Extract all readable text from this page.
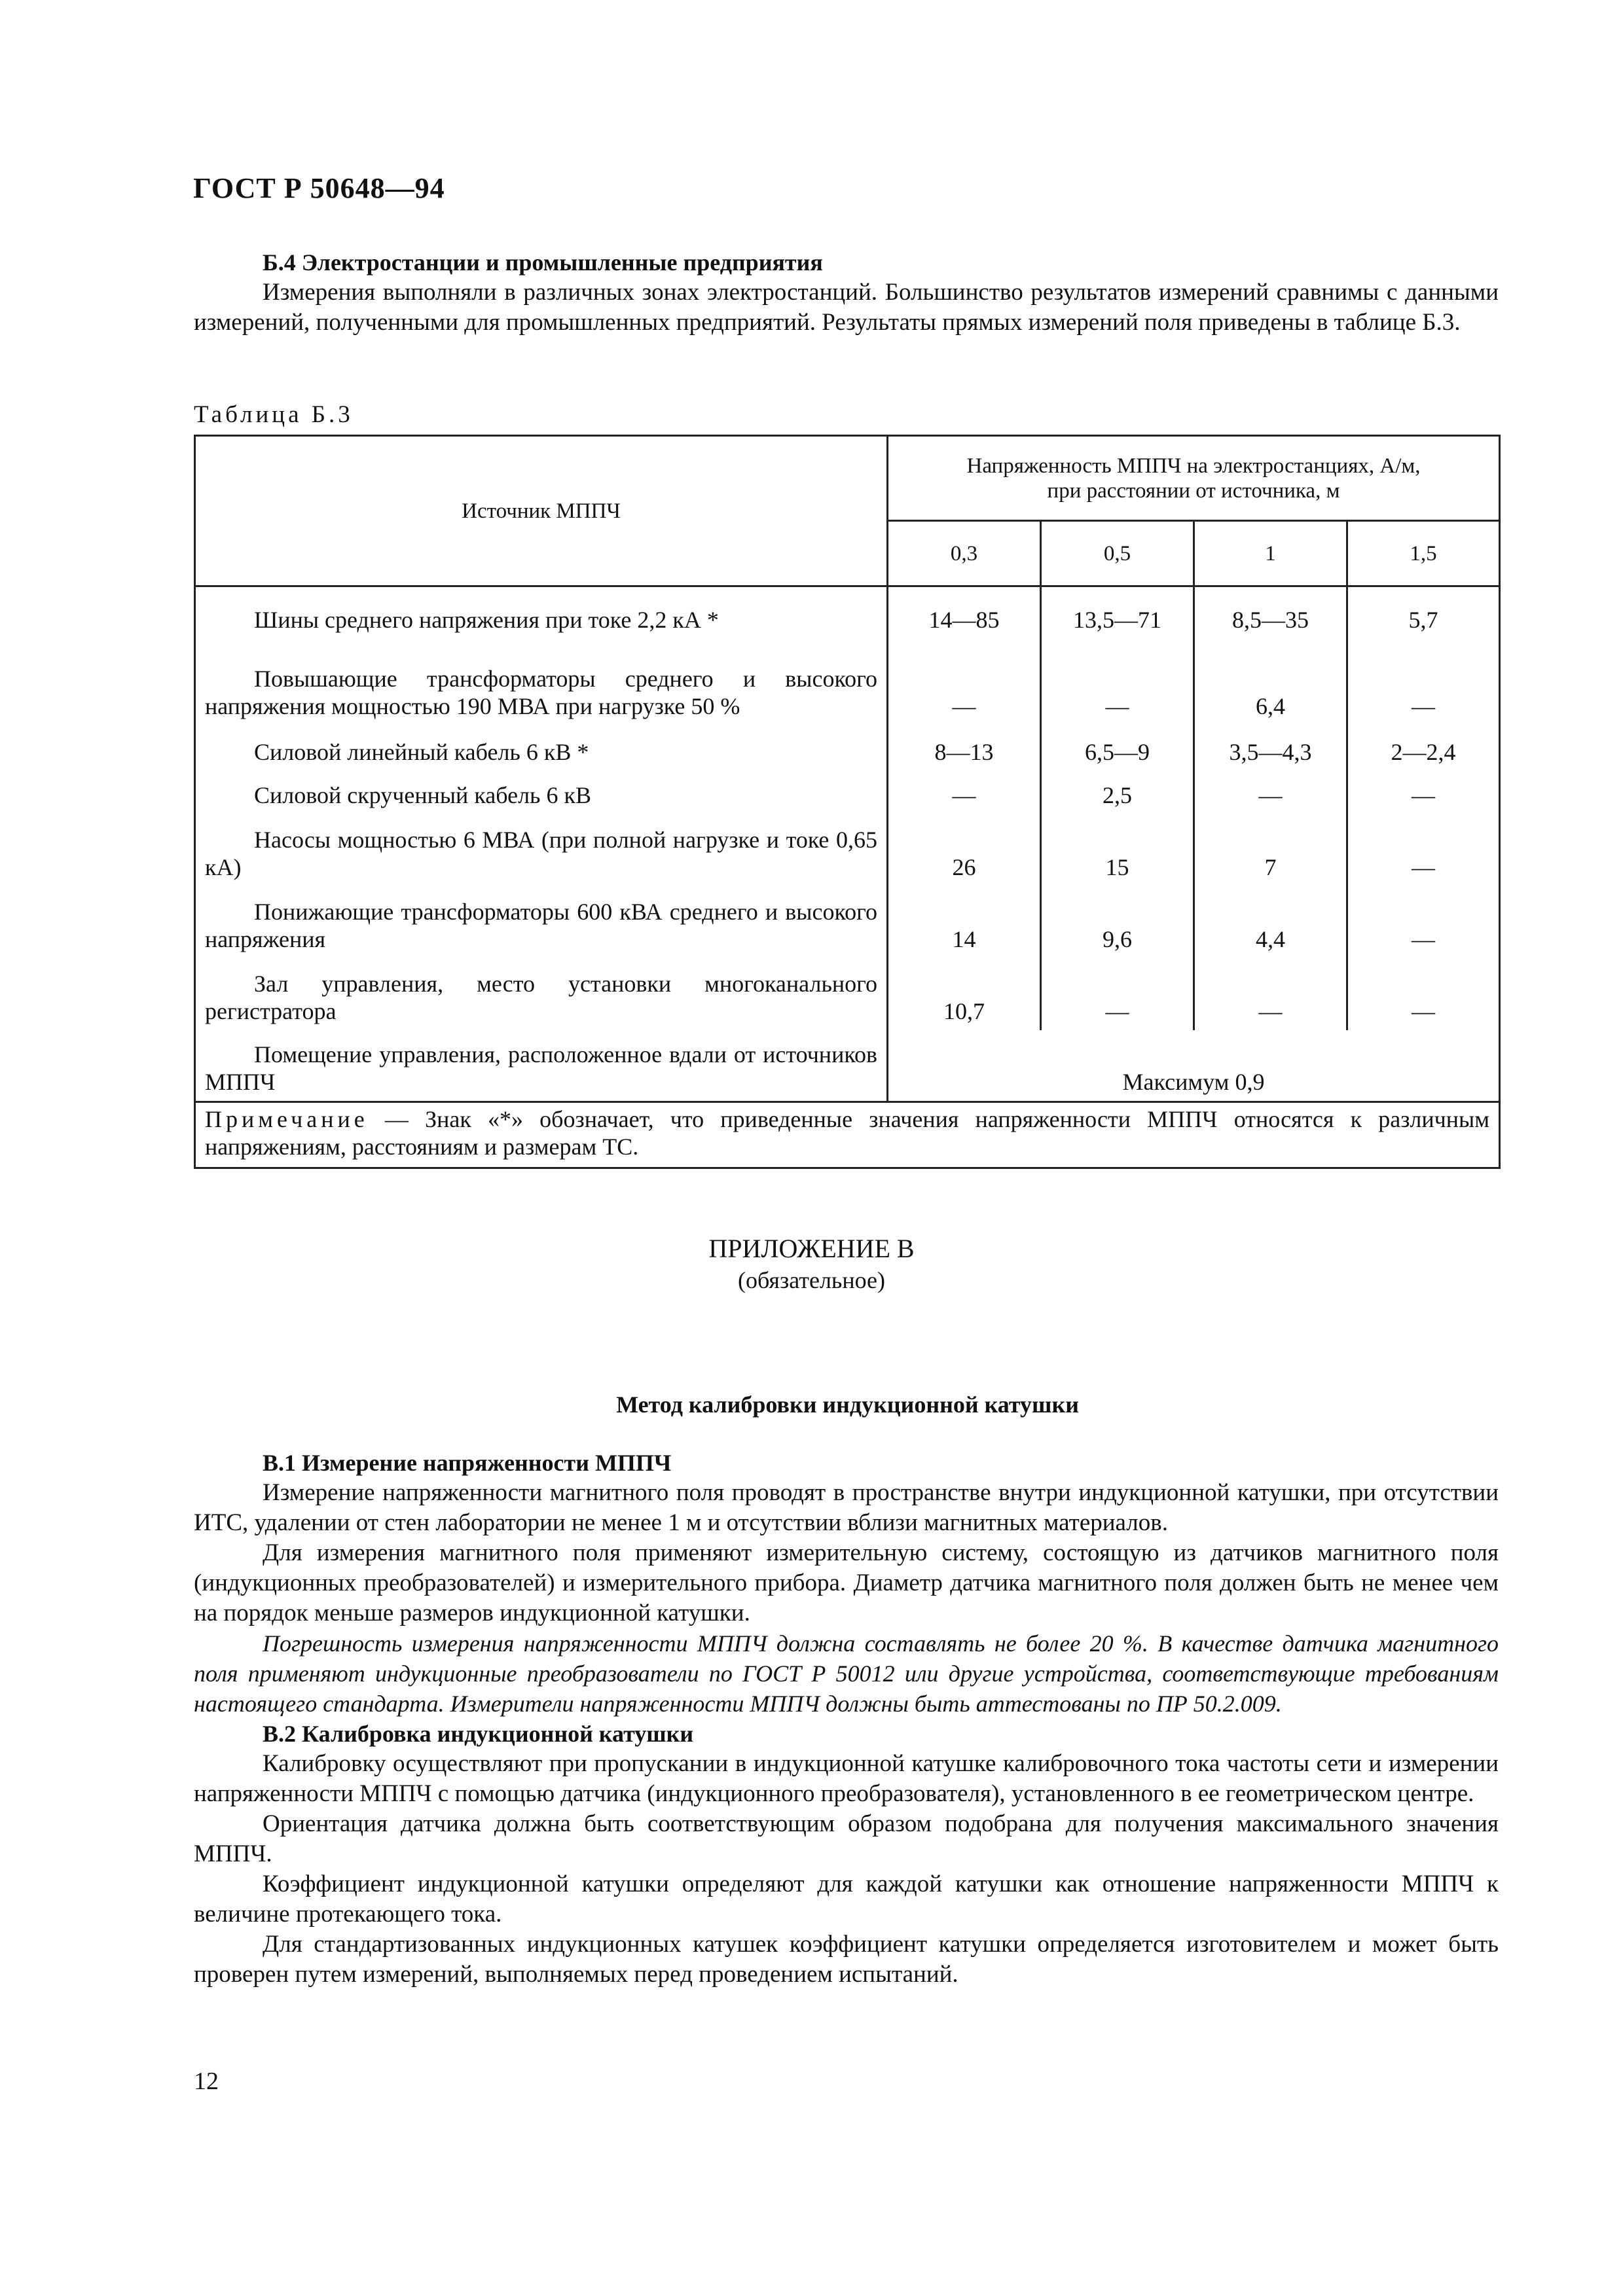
ГОСТ Р 50648—94

Б.4 Электростанции и промышленные предприятия

Измерения выполняли в различных зонах электростанций. Большинство результатов измерений сравнимы с данными измерений, полученными для промышленных предприятий. Результаты прямых измерений поля приведены в таблице Б.3.

Таблица Б.3
Источник МППЧ	Напряженность МППЧ на электростанциях, А/м,
при расстоянии от источника, м			
	0,3	0,5	1	1,5

Шины среднего напряжения при токе 2,2 кА *	14—85	13,5—71	8,5—35	5,7

Повышающие трансформаторы среднего и высокого напряжения мощностью 190 МВА при нагрузке 50 %	—	—	6,4	—

Силовой линейный кабель 6 кВ *	8—13	6,5—9	3,5—4,3	2—2,4

Силовой скрученный кабель 6 кВ	—	2,5	—	—

Насосы мощностью 6 МВА (при полной нагрузке и токе 0,65 кА)	26	15	7	—

Понижающие трансформаторы 600 кВА среднего и высокого напряжения	14	9,6	4,4	—

Зал управления, место установки многоканального регистратора	10,7	—	—	—

Помещение управления, расположенное вдали от источников МППЧ	Максимум 0,9			
Примечание — Знак «*» обозначает, что приведенные значения напряженности МППЧ относятся к различным напряжениям, расстояниям и размерам ТС.				
ПРИЛОЖЕНИЕ В
(обязательное)
Метод калибровки индукционной катушки

В.1 Измерение напряженности МППЧ

Измерение напряженности магнитного поля проводят в пространстве внутри индукционной катушки, при отсутствии ИТС, удалении от стен лаборатории не менее 1 м и отсутствии вблизи магнитных материалов.

Для измерения магнитного поля применяют измерительную систему, состоящую из датчиков магнитного поля (индукционных преобразователей) и измерительного прибора. Диаметр датчика магнитного поля должен быть не менее чем на порядок меньше размеров индукционной катушки.

Погрешность измерения напряженности МППЧ должна составлять не более 20 %. В качестве датчика магнитного поля применяют индукционные преобразователи по ГОСТ Р 50012 или другие устройства, соответствующие требованиям настоящего стандарта. Измерители напряженности МППЧ должны быть аттестованы по ПР 50.2.009.

В.2 Калибровка индукционной катушки

Калибровку осуществляют при пропускании в индукционной катушке калибровочного тока частоты сети и измерении напряженности МППЧ с помощью датчика (индукционного преобразователя), установленного в ее геометрическом центре.

Ориентация датчика должна быть соответствующим образом подобрана для получения максимального значения МППЧ.

Коэффициент индукционной катушки определяют для каждой катушки как отношение напряженности МППЧ к величине протекающего тока.

Для стандартизованных индукционных катушек коэффициент катушки определяется изготовителем и может быть проверен путем измерений, выполняемых перед проведением испытаний.

12
